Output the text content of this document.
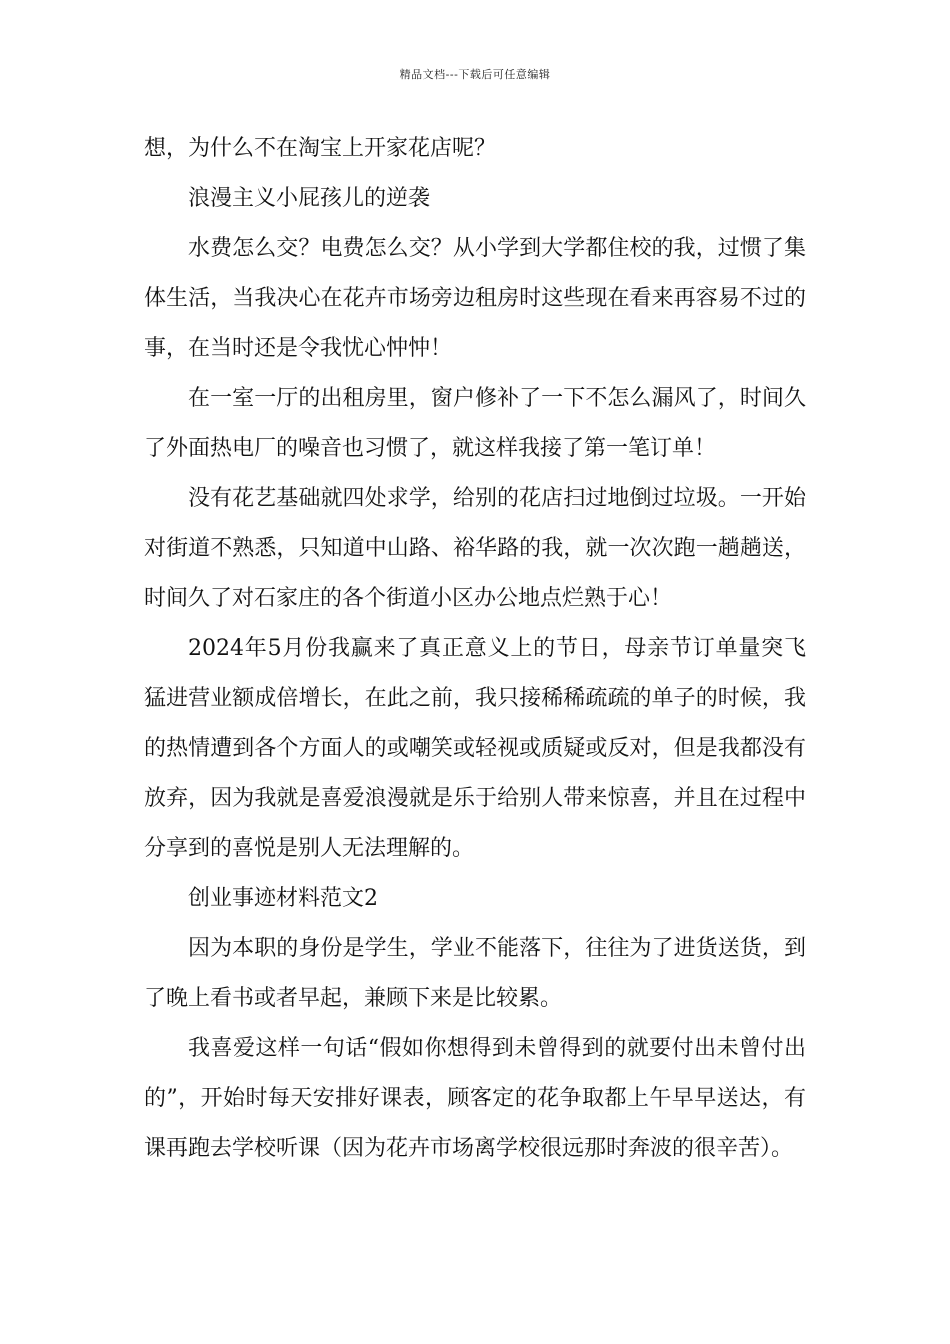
精品文档---下载后可任意编辑

想，为什么不在淘宝上开家花店呢？

浪漫主义小屁孩儿的逆袭

水费怎么交？电费怎么交？从小学到大学都住校的我，过惯了集体生活，当我决心在花卉市场旁边租房时这些现在看来再容易不过的事，在当时还是令我忧心忡忡！

在一室一厅的出租房里，窗户修补了一下不怎么漏风了，时间久了外面热电厂的噪音也习惯了，就这样我接了第一笔订单！

没有花艺基础就四处求学，给别的花店扫过地倒过垃圾。一开始对街道不熟悉，只知道中山路、裕华路的我，就一次次跑一趟趟送，时间久了对石家庄的各个街道小区办公地点烂熟于心！

2024年5月份我赢来了真正意义上的节日，母亲节订单量突飞猛进营业额成倍增长，在此之前，我只接稀稀疏疏的单子的时候，我的热情遭到各个方面人的或嘲笑或轻视或质疑或反对，但是我都没有放弃，因为我就是喜爱浪漫就是乐于给别人带来惊喜，并且在过程中分享到的喜悦是别人无法理解的。

创业事迹材料范文2

因为本职的身份是学生，学业不能落下，往往为了进货送货，到了晚上看书或者早起，兼顾下来是比较累。

我喜爱这样一句话“假如你想得到未曾得到的就要付出未曾付出的”，开始时每天安排好课表，顾客定的花争取都上午早早送达，有课再跑去学校听课（因为花卉市场离学校很远那时奔波的很辛苦）。
